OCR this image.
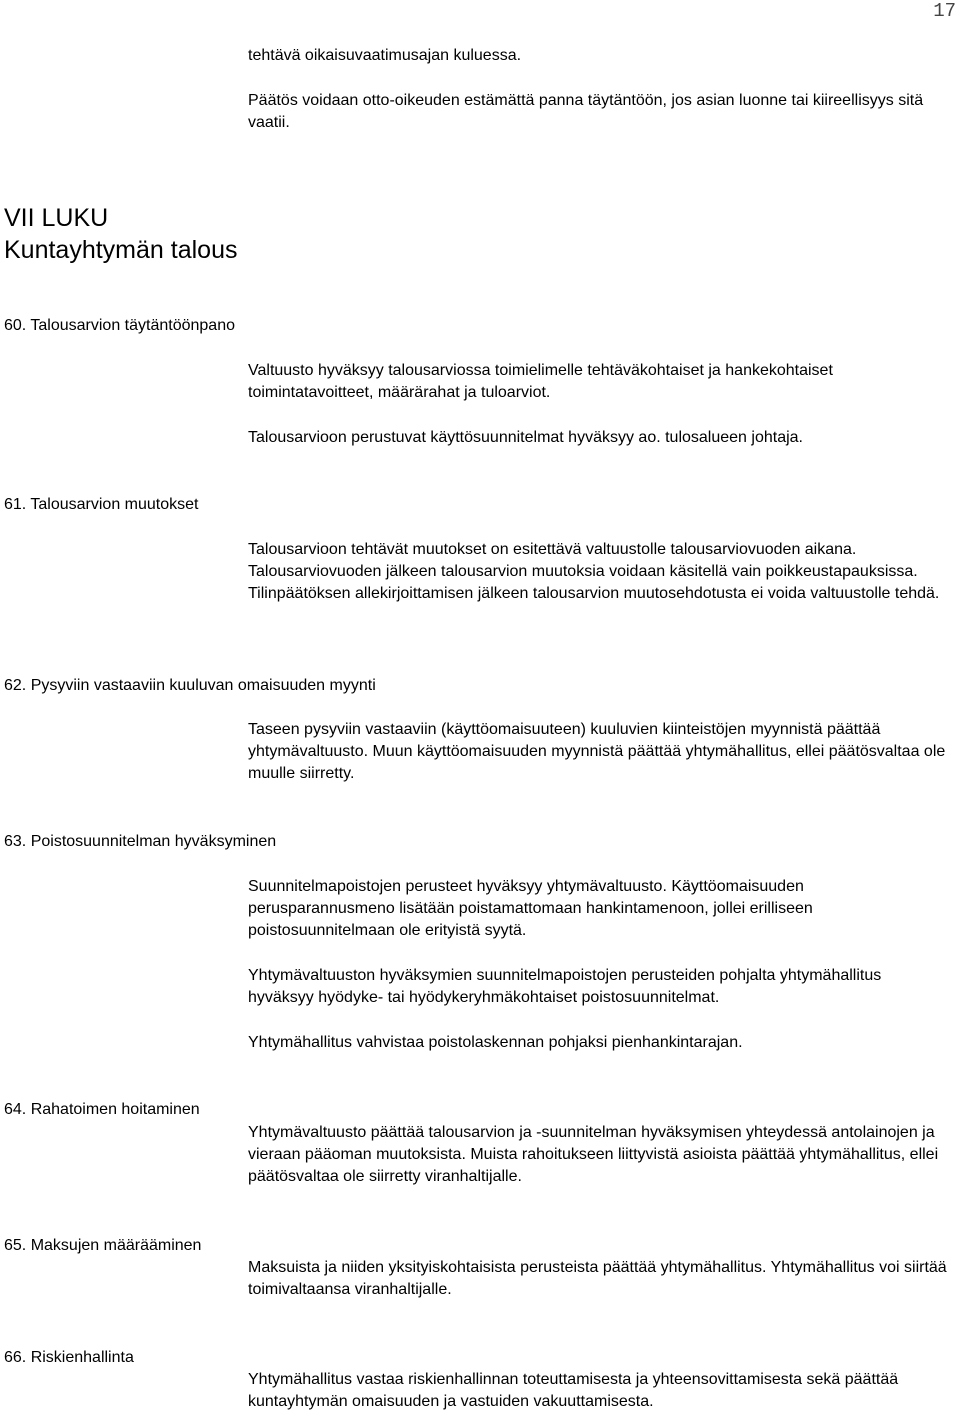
17

tehtävä oikaisuvaatimusajan kuluessa.

Päätös voidaan otto-oikeuden estämättä panna täytäntöön, jos asian luonne tai kiireellisyys sitä vaatii.

VII LUKU
Kuntayhtymän talous
60. Talousarvion täytäntöönpano

Valtuusto hyväksyy talousarviossa toimielimelle tehtäväkohtaiset ja hankekohtaiset toimintatavoitteet, määrärahat ja tuloarviot.

Talousarvioon perustuvat käyttösuunnitelmat hyväksyy ao. tulosalueen johtaja.

61. Talousarvion muutokset

Talousarvioon tehtävät muutokset on esitettävä valtuustolle talousarviovuoden aikana. Talousarviovuoden jälkeen talousarvion muutoksia voidaan käsitellä vain poikkeustapauksissa. Tilinpäätöksen allekirjoittamisen jälkeen talousarvion muutosehdotusta ei voida valtuustolle tehdä.

62. Pysyviin vastaaviin kuuluvan omaisuuden myynti

Taseen pysyviin vastaaviin (käyttöomaisuuteen) kuuluvien kiinteistöjen myynnistä päättää yhtymävaltuusto. Muun käyttöomaisuuden myynnistä päättää yhtymähallitus, ellei päätösvaltaa ole muulle siirretty.

63. Poistosuunnitelman hyväksyminen

Suunnitelmapoistojen perusteet hyväksyy yhtymävaltuusto. Käyttöomaisuuden perusparannusmeno lisätään poistamattomaan hankintamenoon, jollei erilliseen poistosuunnitelmaan ole erityistä syytä.

Yhtymävaltuuston hyväksymien suunnitelmapoistojen perusteiden pohjalta yhtymähallitus hyväksyy hyödyke- tai hyödykeryhmäkohtaiset poistosuunnitelmat.

Yhtymähallitus vahvistaa poistolaskennan pohjaksi pienhankintarajan.

64. Rahatoimen hoitaminen

Yhtymävaltuusto päättää talousarvion ja -suunnitelman hyväksymisen yhteydessä antolainojen ja vieraan pääoman muutoksista. Muista rahoitukseen liittyvistä asioista päättää yhtymähallitus, ellei päätösvaltaa ole siirretty viranhaltijalle.

65. Maksujen määrääminen

Maksuista ja niiden yksityiskohtaisista perusteista päättää yhtymähallitus. Yhtymähallitus voi siirtää toimivaltaansa viranhaltijalle.

66. Riskienhallinta

Yhtymähallitus vastaa riskienhallinnan toteuttamisesta ja yhteensovittamisesta sekä päättää kuntayhtymän omaisuuden ja vastuiden vakuuttamisesta.
